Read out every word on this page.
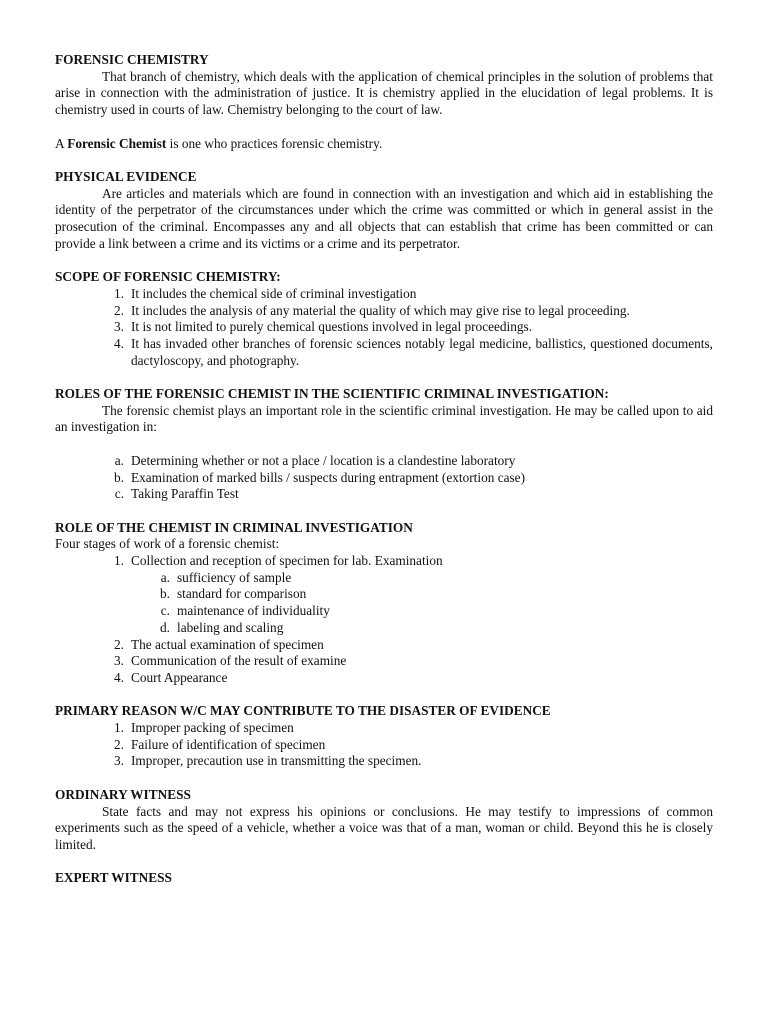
FORENSIC CHEMISTRY

That branch of chemistry, which deals with the application of chemical principles in the solution of problems that arise in connection with the administration of justice. It is chemistry applied in the elucidation of legal problems. It is chemistry used in courts of law. Chemistry belonging to the court of law.

A Forensic Chemist is one who practices forensic chemistry.

PHYSICAL EVIDENCE

Are articles and materials which are found in connection with an investigation and which aid in establishing the identity of the perpetrator of the circumstances under which the crime was committed or which in general assist in the prosecution of the criminal. Encompasses any and all objects that can establish that crime has been committed or can provide a link between a crime and its victims or a crime and its perpetrator.

SCOPE OF FORENSIC CHEMISTRY:

1. It includes the chemical side of criminal investigation
2. It includes the analysis of any material the quality of which may give rise to legal proceeding.
3. It is not limited to purely chemical questions involved in legal proceedings.
4. It has invaded other branches of forensic sciences notably legal medicine, ballistics, questioned documents, dactyloscopy, and photography.

ROLES OF THE FORENSIC CHEMIST IN THE SCIENTIFIC CRIMINAL INVESTIGATION:

The forensic chemist plays an important role in the scientific criminal investigation. He may be called upon to aid an investigation in:

a. Determining whether or not a place / location is a clandestine laboratory
b. Examination of marked bills / suspects during entrapment (extortion case)
c. Taking Paraffin Test

ROLE OF THE CHEMIST IN CRIMINAL INVESTIGATION

Four stages of work of a forensic chemist:

1. Collection and reception of specimen for lab. Examination
a. sufficiency of sample
b. standard for comparison
c. maintenance of individuality
d. labeling and scaling
2. The actual examination of specimen
3. Communication of the result of examine
4. Court Appearance

PRIMARY REASON W/C MAY CONTRIBUTE TO THE DISASTER OF EVIDENCE

1. Improper packing of specimen
2. Failure of identification of specimen
3. Improper, precaution use in transmitting the specimen.

ORDINARY WITNESS

State facts and may not express his opinions or conclusions. He may testify to impressions of common experiments such as the speed of a vehicle, whether a voice was that of a man, woman or child. Beyond this he is closely limited.

EXPERT WITNESS
